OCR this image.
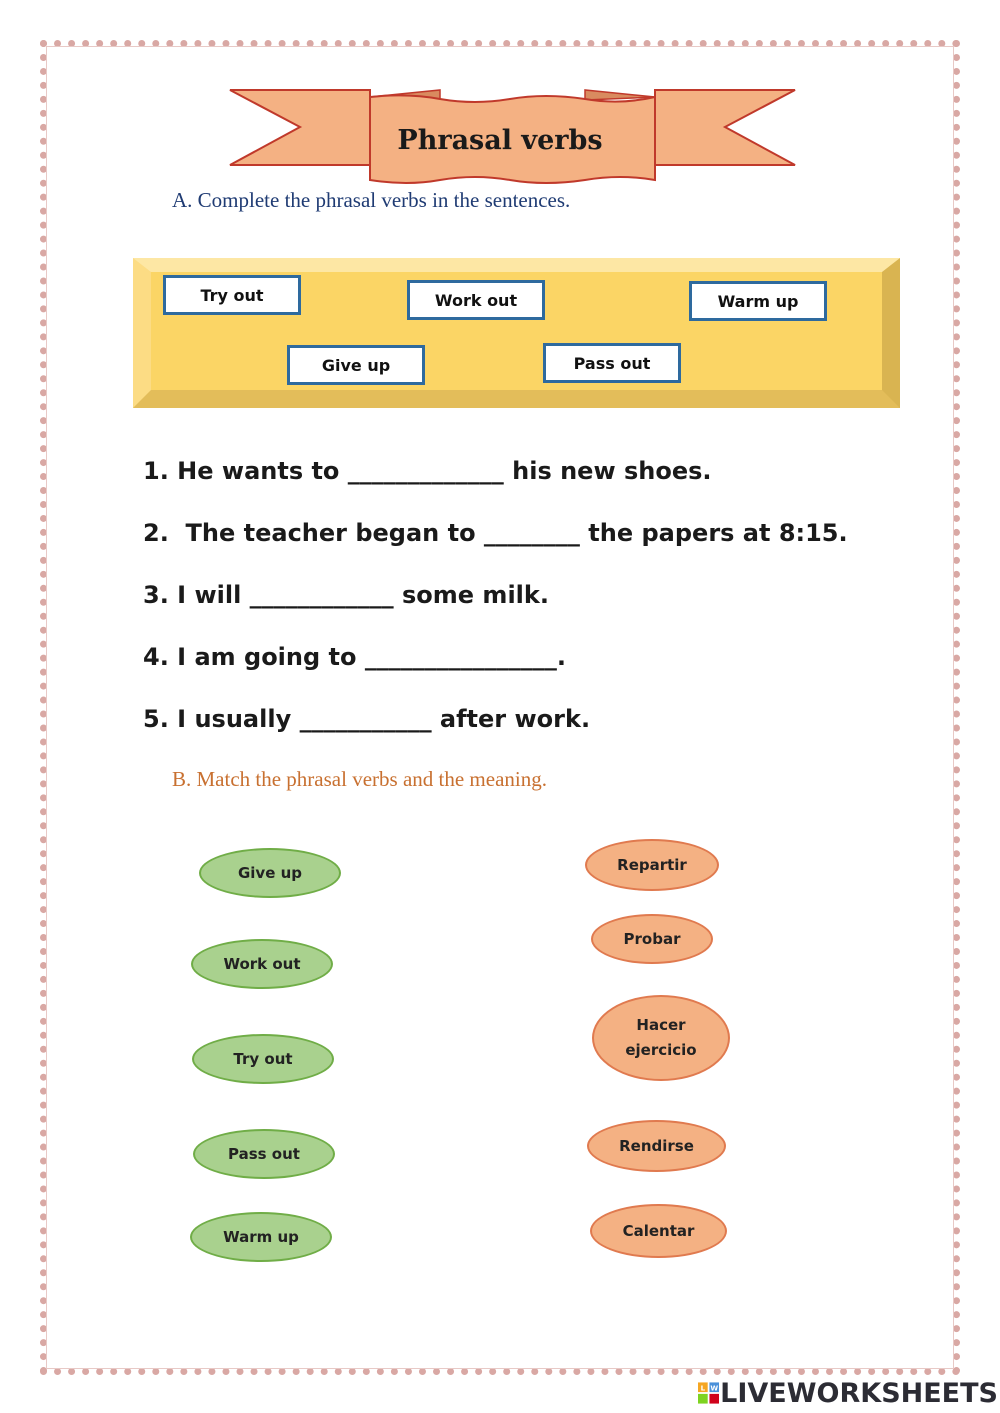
Phrasal verbs
A. Complete the phrasal verbs in the sentences.
Try out	Work out	Warm up
Give up	Pass out
1. He wants to _____________ his new shoes.
2.  The teacher began to ________ the papers at 8:15.
3. I will ____________ some milk.
4. I am going to ________________.
5. I usually ___________ after work.
B. Match the phrasal verbs and the meaning.
Give up
Work out
Try out
Pass out
Warm up
Repartir
Probar
Hacer ejercicio
Rendirse
Calentar
L W LIVEWORKSHEETS
